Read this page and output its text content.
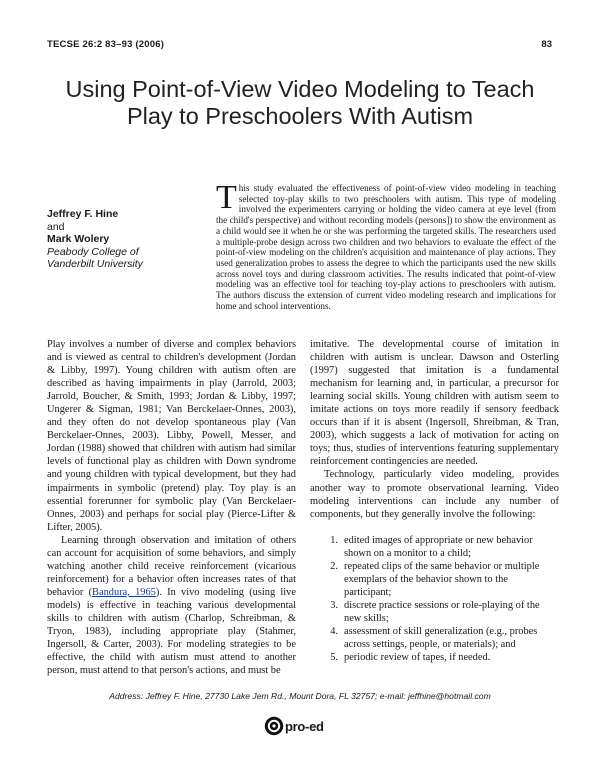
TECSE 26:2 83–93 (2006)	83
Using Point-of-View Video Modeling to Teach
Play to Preschoolers With Autism
Jeffrey F. Hine
and
Mark Wolery
Peabody College of
Vanderbilt University
T his study evaluated the effectiveness of point-of-view video modeling in teaching selected toy-play skills to two preschoolers with autism. This type of modeling involved the experimenters carrying or holding the video camera at eye level (from the child's perspective) and without recording models (persons]) to show the environment as a child would see it when he or she was performing the targeted skills. The researchers used a multiple-probe design across two children and two behaviors to evaluate the effect of the point-of-view modeling on the children's acquisition and maintenance of play actions. They used generalization probes to assess the degree to which the participants used the new skills across novel toys and during classroom activities. The results indicated that point-of-view modeling was an effective tool for teaching toy-play actions to preschoolers with autism. The authors discuss the extension of current video modeling research and implications for home and school interventions.

Play involves a number of diverse and complex behaviors and is viewed as central to children's development (Jordan & Libby, 1997). Young children with autism often are described as having impairments in play (Jarrold, 2003; Jarrold, Boucher, & Smith, 1993; Jordan & Libby, 1997; Ungerer & Sigman, 1981; Van Berckelaer-Onnes, 2003), and they often do not develop spontaneous play (Van Berckelaer-Onnes, 2003). Libby, Powell, Messer, and Jordan (1988) showed that children with autism had similar levels of functional play as children with Down syndrome and young children with typical development, but they had impairments in symbolic (pretend) play. Toy play is an essential forerunner for symbolic play (Van Berckelaer-Onnes, 2003) and perhaps for social play (Pierce-Lifter & Lifter, 2005).

Learning through observation and imitation of others can account for acquisition of some behaviors, and simply watching another child receive reinforcement (vicarious reinforcement) for a behavior often increases rates of that behavior (Bandura, 1965). In vivo modeling (using live models) is effective in teaching various developmental skills to children with autism (Charlop, Schreibman, & Tryon, 1983), including appropriate play (Stahmer, Ingersoll, & Carter, 2003). For modeling strategies to be effective, the child with autism must attend to another person, must attend to that person's actions, and must be

imitative. The developmental course of imitation in children with autism is unclear. Dawson and Osterling (1997) suggested that imitation is a fundamental mechanism for learning and, in particular, a precursor for learning social skills. Young children with autism seem to imitate actions on toys more readily if sensory feedback occurs than if it is absent (Ingersoll, Shreibman, & Tran, 2003), which suggests a lack of motivation for acting on toys; thus, studies of interventions featuring supplementary reinforcement contingencies are needed.

Technology, particularly video modeling, provides another way to promote observational learning. Video modeling interventions can include any number of components, but they generally involve the following:

1. edited images of appropriate or new behavior shown on a monitor to a child;
2. repeated clips of the same behavior or multiple exemplars of the behavior shown to the participant;
3. discrete practice sessions or role-playing of the new skills;
4. assessment of skill generalization (e.g., probes across settings, people, or materials); and
5. periodic review of tapes, if needed.
Address: Jeffrey F. Hine, 27730 Lake Jem Rd., Mount Dora, FL 32757; e-mail: jeffhine@hotmail.com
pro-ed
